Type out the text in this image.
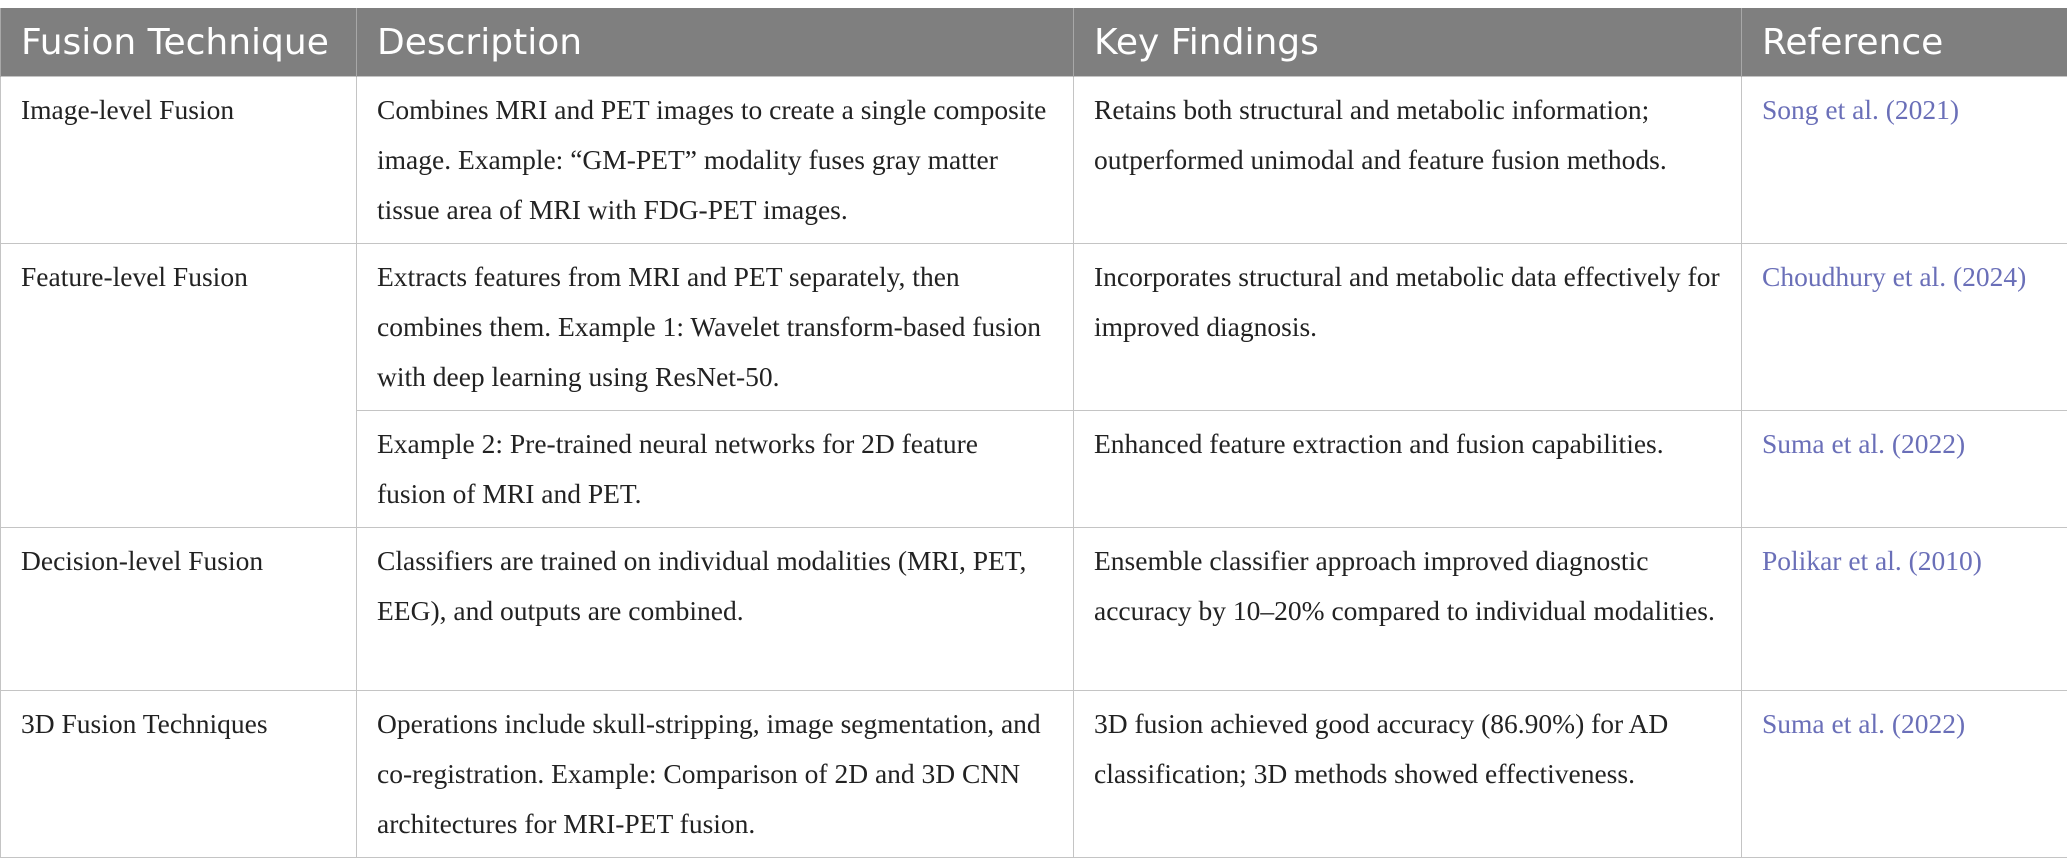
Fusion Technique	Description	Key Findings	Reference
Image-level Fusion	Combines MRI and PET images to create a single composite image. Example: “GM-PET” modality fuses gray matter tissue area of MRI with FDG-PET images.	Retains both structural and metabolic information; outperformed unimodal and feature fusion methods.	Song et al. (2021)
Feature-level Fusion	Extracts features from MRI and PET separately, then combines them. Example 1: Wavelet transform-based fusion with deep learning using ResNet-50.	Incorporates structural and metabolic data effectively for improved diagnosis.	Choudhury et al. (2024)
	Example 2: Pre-trained neural networks for 2D feature fusion of MRI and PET.	Enhanced feature extraction and fusion capabilities.	Suma et al. (2022)
Decision-level Fusion	Classifiers are trained on individual modalities (MRI, PET, EEG), and outputs are combined.	Ensemble classifier approach improved diagnostic accuracy by 10–20% compared to individual modalities.	Polikar et al. (2010)
3D Fusion Techniques	Operations include skull-stripping, image segmentation, and co-registration. Example: Comparison of 2D and 3D CNN architectures for MRI-PET fusion.	3D fusion achieved good accuracy (86.90%) for AD classification; 3D methods showed effectiveness.	Suma et al. (2022)
